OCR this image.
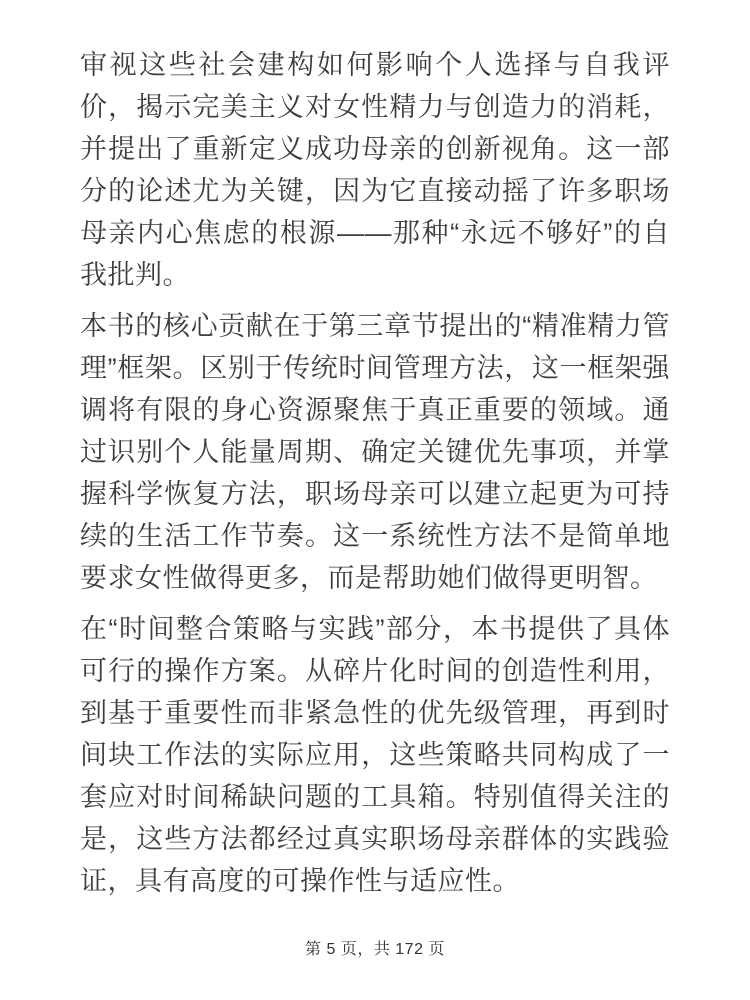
审视这些社会建构如何影响个人选择与自我评价，揭示完美主义对女性精力与创造力的消耗，并提出了重新定义成功母亲的创新视角。这一部分的论述尤为关键，因为它直接动摇了许多职场母亲内心焦虑的根源——那种“永远不够好”的自我批判。

本书的核心贡献在于第三章节提出的“精准精力管理”框架。区别于传统时间管理方法，这一框架强调将有限的身心资源聚焦于真正重要的领域。通过识别个人能量周期、确定关键优先事项，并掌握科学恢复方法，职场母亲可以建立起更为可持续的生活工作节奏。这一系统性方法不是简单地要求女性做得更多，而是帮助她们做得更明智。

在“时间整合策略与实践”部分，本书提供了具体可行的操作方案。从碎片化时间的创造性利用，到基于重要性而非紧急性的优先级管理，再到时间块工作法的实际应用，这些策略共同构成了一套应对时间稀缺问题的工具箱。特别值得关注的是，这些方法都经过真实职场母亲群体的实践验证，具有高度的可操作性与适应性。

第 5 页，共 172 页
